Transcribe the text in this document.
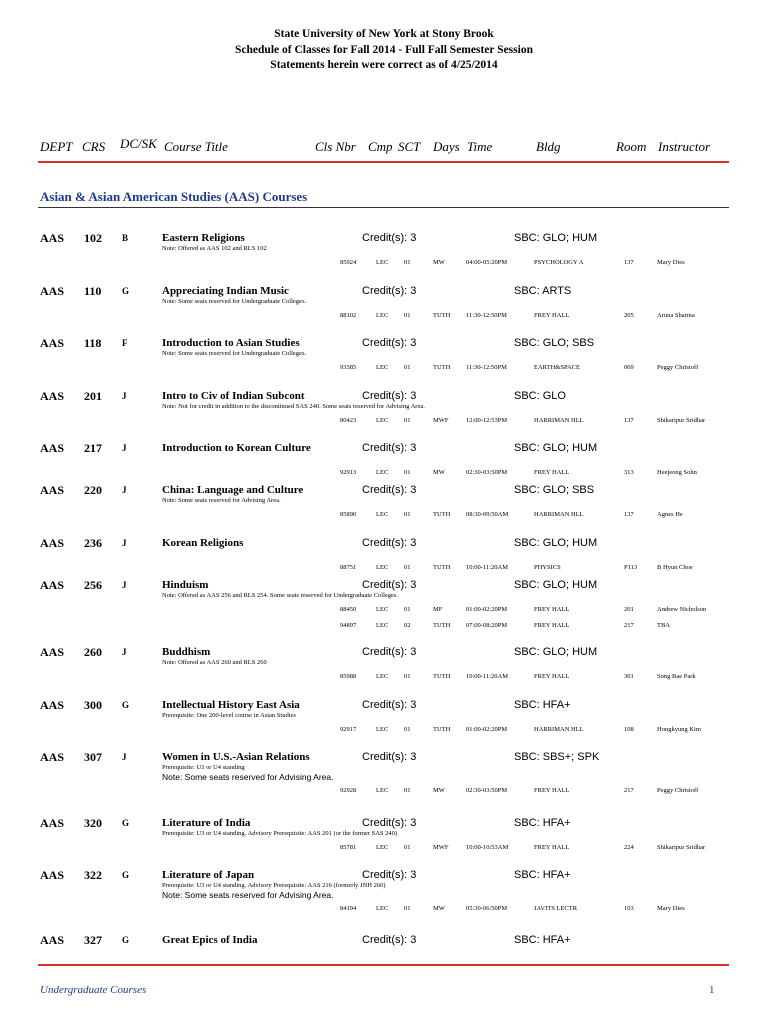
State University of New York at Stony Brook
Schedule of Classes for Fall 2014 - Full Fall Semester Session
Statements herein were correct as of 4/25/2014
DEPT CRS DC/SK Course Title	Cls Nbr Cmp SCT Days Time	Bldg	Room Instructor
Asian & Asian American Studies (AAS) Courses
AAS 102 B	Eastern Religions	Credit(s): 3	SBC: GLO; HUM
Note: Offered as AAS 102 and RLS 102
85924	LEC 01	MW	04:00-05:20PM	PSYCHOLOGY A	137	Mary Dies
AAS 110 G	Appreciating Indian Music	Credit(s): 3	SBC: ARTS
Note: Some seats reserved for Undergraduate Colleges.
88102	LEC 01	TUTH 11:30-12:50PM	FREY HALL	205	Aruna Sharma
AAS 118 F	Introduction to Asian Studies	Credit(s): 3	SBC: GLO; SBS
Note: Some seats reserved for Undergraduate Colleges.
93385	LEC 01	TUTH 11:30-12:50PM	EARTH&SPACE	069	Peggy Christoff
AAS 201 J	Intro to Civ of Indian Subcont	Credit(s): 3	SBC: GLO
Note: Not for credit in addition to the discontinued SAS 240. Some seats reserved for Advising Area.
80423	LEC 01	MWF	12:00-12:53PM	HARRIMAN HLL	137	Shikaripur Sridhar
AAS 217 J	Introduction to Korean Culture	Credit(s): 3	SBC: GLO; HUM
92913	LEC 01	MW	02:30-03:50PM	FREY HALL	313	Heejeong Sohn
AAS 220 J	China: Language and Culture	Credit(s): 3	SBC: GLO; SBS
Note: Some seats reserved for Advising Area.
85890	LEC 01	TUTH 08:30-09:50AM	HARRIMAN HLL	137	Agnes He
AAS 236 J	Korean Religions	Credit(s): 3	SBC: GLO; HUM
88751	LEC 01	TUTH 10:00-11:20AM	PHYSICS	P113	B Hyun Choe
AAS 256 J	Hinduism	Credit(s): 3	SBC: GLO; HUM
Note: Offered as AAS 256 and RLS 254. Some seats reserved for Undergraduate Colleges.
88450	LEC 01	MF	01:00-02:20PM	FREY HALL	201	Andrew Nicholson
94897	LEC 02	TUTH 07:00-08:20PM	FREY HALL	217	TBA
AAS 260 J	Buddhism	Credit(s): 3	SBC: GLO; HUM
Note: Offered as AAS 260 and RLS 260
85988	LEC 01	TUTH 10:00-11:20AM	FREY HALL	301	Sung Bae Park
AAS 300 G	Intellectual History East Asia	Credit(s): 3	SBC: HFA+
Prerequisite: One 200-level course in Asian Studies
92917	LEC 01	TUTH 01:00-02:20PM	HARRIMAN HLL	108	Hongkyung Kim
AAS 307 J	Women in U.S.-Asian Relations	Credit(s): 3	SBC: SBS+; SPK
Prerequisite: U3 or U4 standing
Note: Some seats reserved for Advising Area.
92928	LEC 01	MW	02:30-03:50PM	FREY HALL	217	Peggy Christoff
AAS 320 G	Literature of India	Credit(s): 3	SBC: HFA+
Prerequisite: U3 or U4 standing. Advisory Prerequisite: AAS 201 (or the former SAS 240)
85781	LEC 01	MWF	10:00-10:53AM	FREY HALL	224	Shikaripur Sridhar
AAS 322 G	Literature of Japan	Credit(s): 3	SBC: HFA+
Prerequisite: U3 or U4 standing. Advisory Prerequisite: AAS 216 (formerly JNH 260)
Note: Some seats reserved for Advising Area.
84194	LEC 01	MW	05:30-06:50PM	JAVITS LECTR	103	Mary Dies
AAS 327 G	Great Epics of India	Credit(s): 3	SBC: HFA+
Undergraduate Courses	1
